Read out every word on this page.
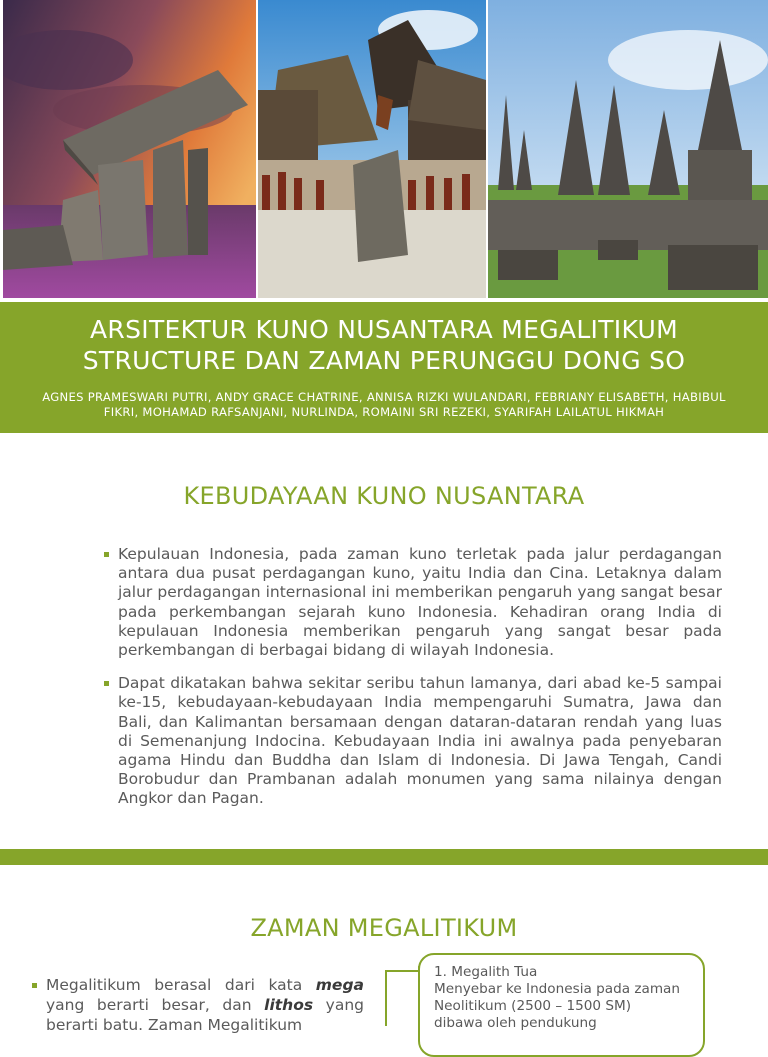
ARSITEKTUR KUNO NUSANTARA MEGALITIKUM
STRUCTURE DAN ZAMAN PERUNGGU DONG SO
AGNES PRAMESWARI PUTRI, ANDY GRACE CHATRINE, ANNISA RIZKI WULANDARI, FEBRIANY ELISABETH, HABIBUL
FIKRI, MOHAMAD RAFSANJANI, NURLINDA, ROMAINI SRI REZEKI, SYARIFAH LAILATUL HIKMAH
KEBUDAYAAN KUNO NUSANTARA
Kepulauan Indonesia, pada zaman kuno terletak pada jalur perdagangan antara dua pusat perdagangan kuno, yaitu India dan Cina. Letaknya dalam jalur perdagangan internasional ini memberikan pengaruh yang sangat besar pada perkembangan sejarah kuno Indonesia. Kehadiran orang India di kepulauan Indonesia memberikan pengaruh yang sangat besar pada perkembangan di berbagai bidang di wilayah Indonesia.
Dapat dikatakan bahwa sekitar seribu tahun lamanya, dari abad ke-5 sampai ke-15, kebudayaan-kebudayaan India mempengaruhi Sumatra, Jawa dan Bali, dan Kalimantan bersamaan dengan dataran-dataran rendah yang luas di Semenanjung Indocina. Kebudayaan India ini awalnya pada penyebaran agama Hindu dan Buddha dan Islam di Indonesia. Di Jawa Tengah, Candi Borobudur dan Prambanan adalah monumen yang sama nilainya dengan Angkor dan Pagan.
ZAMAN MEGALITIKUM
Megalitikum berasal dari kata mega yang berarti besar, dan lithos yang berarti batu. Zaman Megalitikum
1. Megalith Tua
Menyebar ke Indonesia pada zaman Neolitikum (2500 – 1500 SM) dibawa oleh pendukung
